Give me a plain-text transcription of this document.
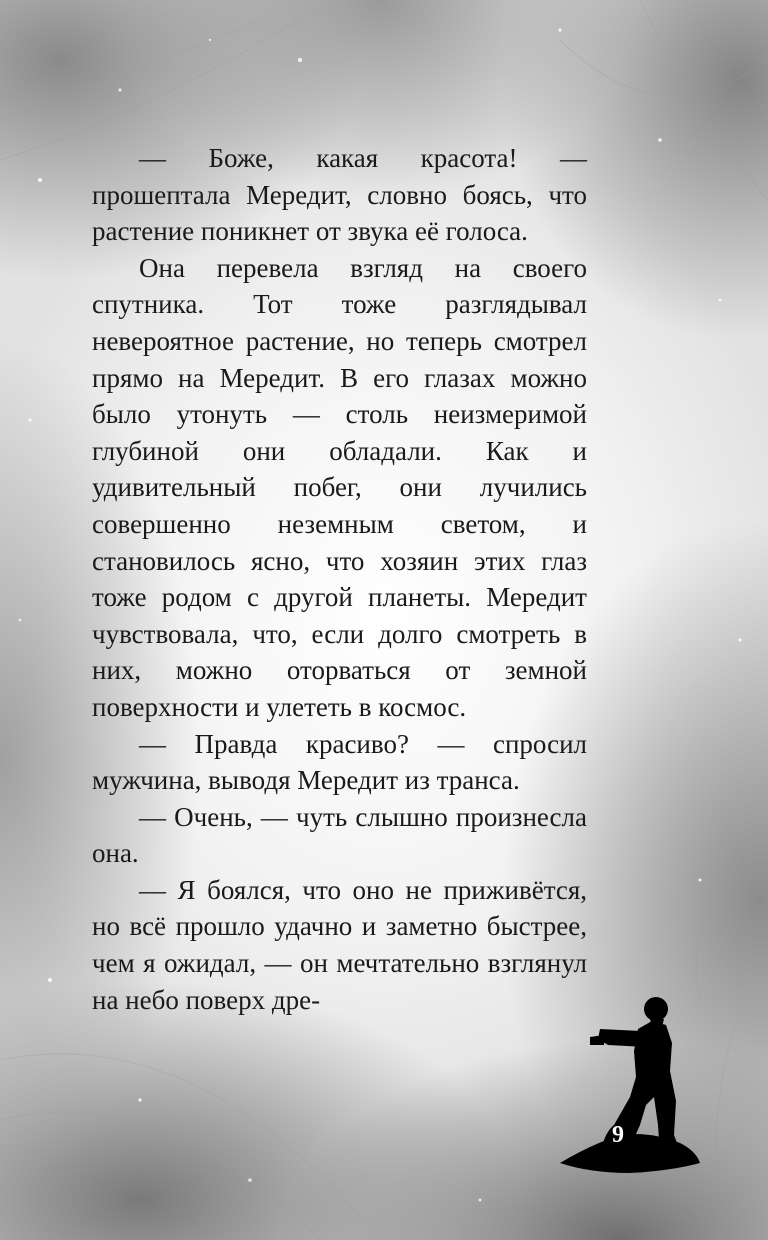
— Боже, какая красота! — прошептала Мередит, словно боясь, что растение поникнет от звука её голоса.

Она перевела взгляд на своего спутника. Тот тоже разглядывал невероятное растение, но теперь смотрел прямо на Мередит. В его глазах можно было утонуть — столь неизмеримой глубиной они обладали. Как и удивительный побег, они лучились совершенно неземным светом, и становилось ясно, что хозяин этих глаз тоже родом с другой планеты. Мередит чувствовала, что, если долго смотреть в них, можно оторваться от земной поверхности и улететь в космос.

— Правда красиво? — спросил мужчина, выводя Мередит из транса.

— Очень, — чуть слышно произнесла она.

— Я боялся, что оно не приживётся, но всё прошло удачно и заметно быстрее, чем я ожидал, — он мечтательно взглянул на небо поверх дре-

9
